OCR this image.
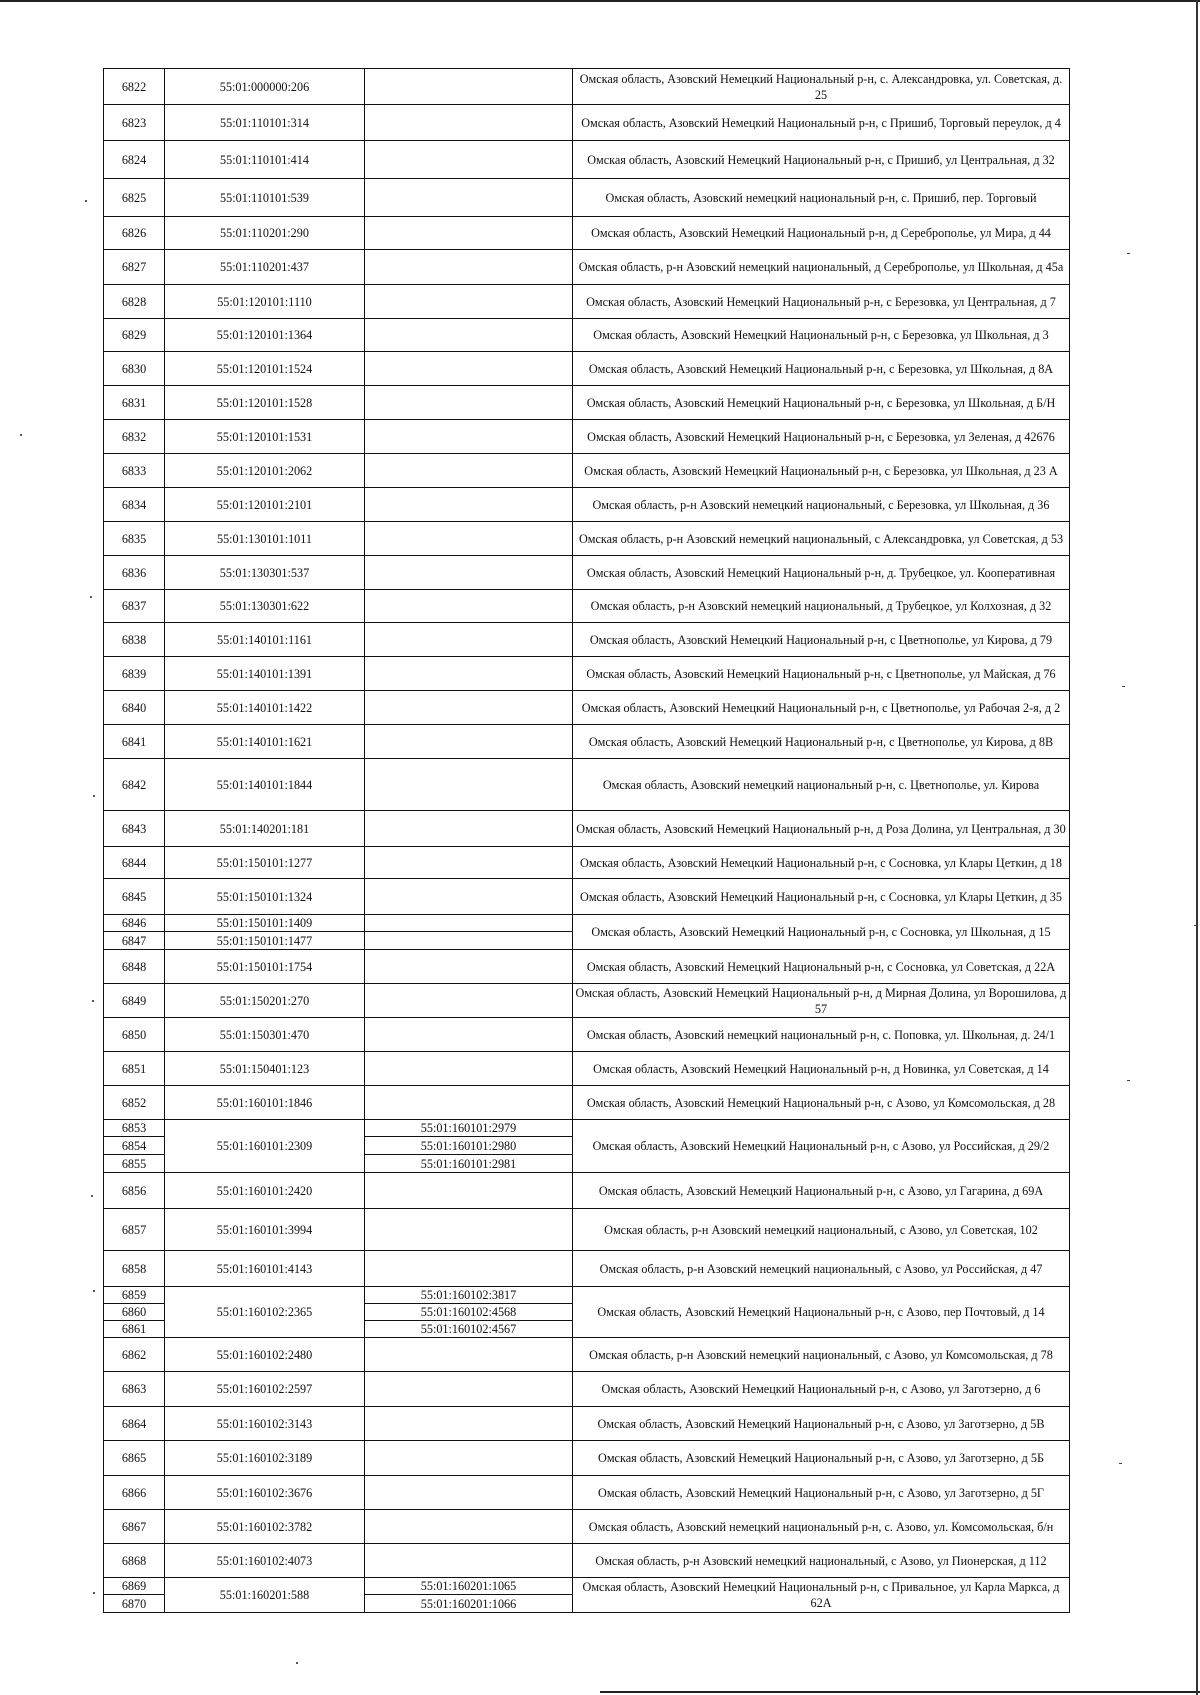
6822	55:01:000000:206		Омская область, Азовский Немецкий Национальный р-н, с. Александровка, ул. Советская, д. 25
6823	55:01:110101:314		Омская область, Азовский Немецкий Национальный р-н, с Пришиб, Торговый переулок, д 4
6824	55:01:110101:414		Омская область, Азовский Немецкий Национальный р-н, с Пришиб, ул Центральная, д 32
6825	55:01:110101:539		Омская область, Азовский немецкий национальный р-н, с. Пришиб, пер. Торговый
6826	55:01:110201:290		Омская область, Азовский Немецкий Национальный р-н, д Сереброполье, ул Мира, д 44
6827	55:01:110201:437		Омская область, р-н Азовский немецкий национальный, д Сереброполье, ул Школьная, д 45а
6828	55:01:120101:1110		Омская область, Азовский Немецкий Национальный р-н, с Березовка, ул Центральная, д 7
6829	55:01:120101:1364		Омская область, Азовский Немецкий Национальный р-н, с Березовка, ул Школьная, д 3
6830	55:01:120101:1524		Омская область, Азовский Немецкий Национальный р-н, с Березовка, ул Школьная, д 8А
6831	55:01:120101:1528		Омская область, Азовский Немецкий Национальный р-н, с Березовка, ул Школьная, д Б/Н
6832	55:01:120101:1531		Омская область, Азовский Немецкий Национальный р-н, с Березовка, ул Зеленая, д 42676
6833	55:01:120101:2062		Омская область, Азовский Немецкий Национальный р-н, с Березовка, ул Школьная, д 23 А
6834	55:01:120101:2101		Омская область, р-н Азовский немецкий национальный, с Березовка, ул Школьная, д 36
6835	55:01:130101:1011		Омская область, р-н Азовский немецкий национальный, с Александровка, ул Советская, д 53
6836	55:01:130301:537		Омская область, Азовский Немецкий Национальный р-н, д. Трубецкое, ул. Кооперативная
6837	55:01:130301:622		Омская область, р-н Азовский немецкий национальный, д Трубецкое, ул Колхозная, д 32
6838	55:01:140101:1161		Омская область, Азовский Немецкий Национальный р-н, с Цветнополье, ул Кирова, д 79
6839	55:01:140101:1391		Омская область, Азовский Немецкий Национальный р-н, с Цветнополье, ул Майская, д 76
6840	55:01:140101:1422		Омская область, Азовский Немецкий Национальный р-н, с Цветнополье, ул Рабочая 2-я, д 2
6841	55:01:140101:1621		Омская область, Азовский Немецкий Национальный р-н, с Цветнополье, ул Кирова, д 8В
6842	55:01:140101:1844		Омская область, Азовский немецкий национальный р-н, с. Цветнополье, ул. Кирова
6843	55:01:140201:181		Омская область, Азовский Немецкий Национальный р-н, д Роза Долина, ул Центральная, д 30
6844	55:01:150101:1277		Омская область, Азовский Немецкий Национальный р-н, с Сосновка, ул Клары Цеткин, д 18
6845	55:01:150101:1324		Омская область, Азовский Немецкий Национальный р-н, с Сосновка, ул Клары Цеткин, д 35
6846	55:01:150101:1409		Омская область, Азовский Немецкий Национальный р-н, с Сосновка, ул Школьная, д 15
6847	55:01:150101:1477		
6848	55:01:150101:1754		Омская область, Азовский Немецкий Национальный р-н, с Сосновка, ул Советская, д 22А
6849	55:01:150201:270		Омская область, Азовский Немецкий Национальный р-н, д Мирная Долина, ул Ворошилова, д 57
6850	55:01:150301:470		Омская область, Азовский немецкий национальный р-н, с. Поповка, ул. Школьная, д. 24/1
6851	55:01:150401:123		Омская область, Азовский Немецкий Национальный р-н, д Новинка, ул Советская, д 14
6852	55:01:160101:1846		Омская область, Азовский Немецкий Национальный р-н, с Азово, ул Комсомольская, д 28
6853	55:01:160101:2309	55:01:160101:2979	Омская область, Азовский Немецкий Национальный р-н, с Азово, ул Российская, д 29/2
6854		55:01:160101:2980	
6855		55:01:160101:2981	
6856	55:01:160101:2420		Омская область, Азовский Немецкий Национальный р-н, с Азово, ул Гагарина, д 69А
6857	55:01:160101:3994		Омская область, р-н Азовский немецкий национальный, с Азово, ул Советская, 102
6858	55:01:160101:4143		Омская область, р-н Азовский немецкий национальный, с Азово, ул Российская, д 47
6859	55:01:160102:2365	55:01:160102:3817	Омская область, Азовский Немецкий Национальный р-н, с Азово, пер Почтовый, д 14
6860		55:01:160102:4568	
6861		55:01:160102:4567	
6862	55:01:160102:2480		Омская область, р-н Азовский немецкий национальный, с Азово, ул Комсомольская, д 78
6863	55:01:160102:2597		Омская область, Азовский Немецкий Национальный р-н, с Азово, ул Заготзерно, д 6
6864	55:01:160102:3143		Омская область, Азовский Немецкий Национальный р-н, с Азово, ул Заготзерно, д 5В
6865	55:01:160102:3189		Омская область, Азовский Немецкий Национальный р-н, с Азово, ул Заготзерно, д 5Б
6866	55:01:160102:3676		Омская область, Азовский Немецкий Национальный р-н, с Азово, ул Заготзерно, д 5Г
6867	55:01:160102:3782		Омская область, Азовский немецкий национальный р-н, с. Азово, ул. Комсомольская, б/н
6868	55:01:160102:4073		Омская область, р-н Азовский немецкий национальный, с Азово, ул Пионерская, д 112
6869	55:01:160201:588	55:01:160201:1065	Омская область, Азовский Немецкий Национальный р-н, с Привальное, ул Карла Маркса, д 62А
6870		55:01:160201:1066	
